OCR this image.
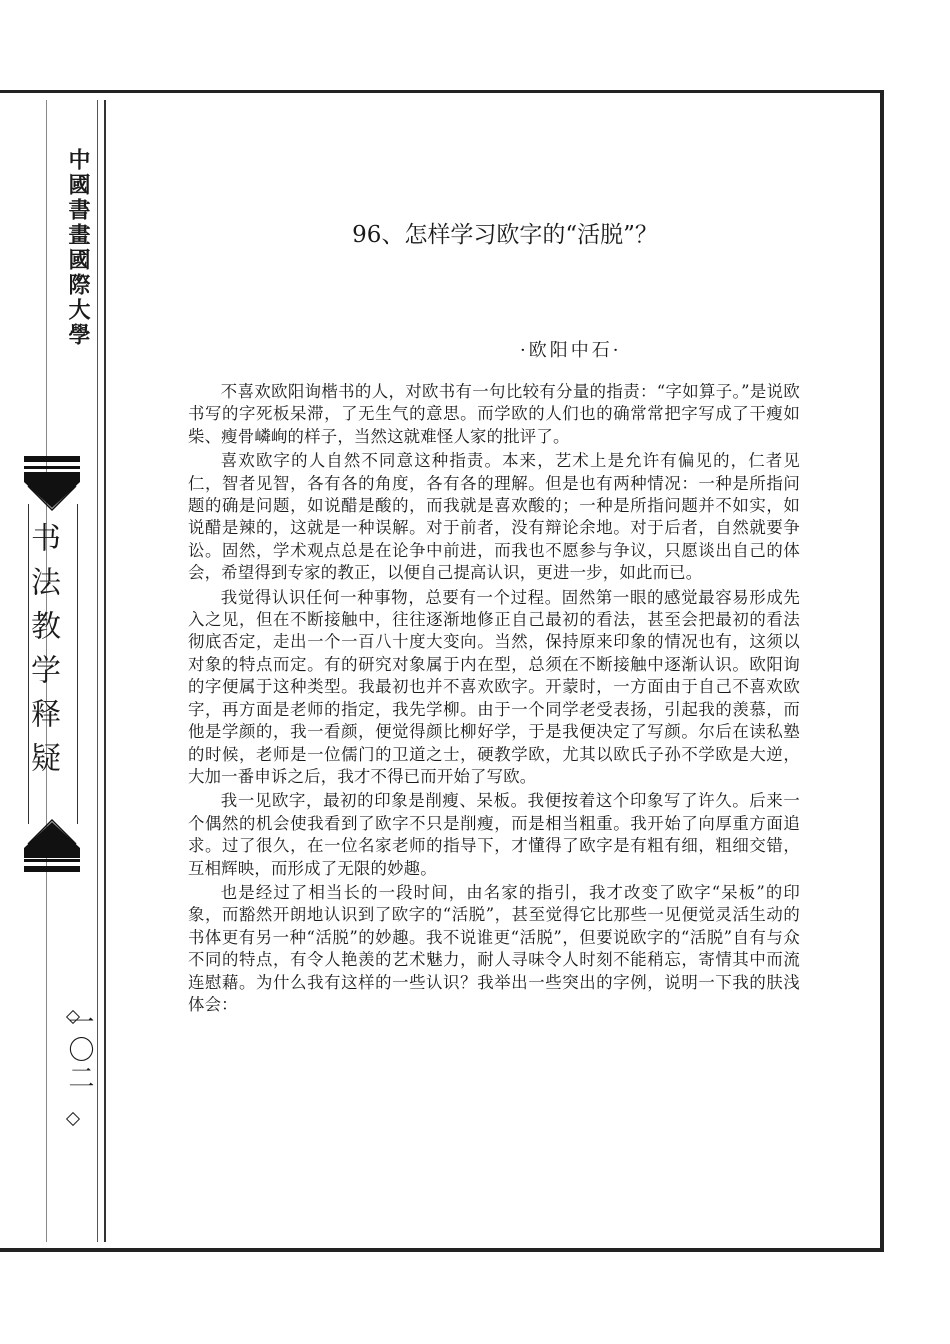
中國書畫國際大學
书法教学释疑
一〇二
96、怎样学习欧字的“活脱”？
·欧阳中石·

不喜欢欧阳询楷书的人，对欧书有一句比较有分量的指责：“字如算子。”是说欧书写的字死板呆滞，了无生气的意思。而学欧的人们也的确常常把字写成了干瘦如柴、瘦骨嶙峋的样子，当然这就难怪人家的批评了。

喜欢欧字的人自然不同意这种指责。本来，艺术上是允许有偏见的，仁者见仁，智者见智，各有各的角度，各有各的理解。但是也有两种情况：一种是所指问题的确是问题，如说醋是酸的，而我就是喜欢酸的；一种是所指问题并不如实，如说醋是辣的，这就是一种误解。对于前者，没有辩论余地。对于后者，自然就要争讼。固然，学术观点总是在论争中前进，而我也不愿参与争议，只愿谈出自己的体会，希望得到专家的教正，以便自己提高认识，更进一步，如此而已。

我觉得认识任何一种事物，总要有一个过程。固然第一眼的感觉最容易形成先入之见，但在不断接触中，往往逐渐地修正自己最初的看法，甚至会把最初的看法彻底否定，走出一个一百八十度大变向。当然，保持原来印象的情况也有，这须以对象的特点而定。有的研究对象属于内在型，总须在不断接触中逐渐认识。欧阳询的字便属于这种类型。我最初也并不喜欢欧字。开蒙时，一方面由于自己不喜欢欧字，再方面是老师的指定，我先学柳。由于一个同学老受表扬，引起我的羡慕，而他是学颜的，我一看颜，便觉得颜比柳好学，于是我便决定了写颜。尔后在读私塾的时候，老师是一位儒门的卫道之士，硬教学欧，尤其以欧氏子孙不学欧是大逆，大加一番申诉之后，我才不得已而开始了写欧。

我一见欧字，最初的印象是削瘦、呆板。我便按着这个印象写了许久。后来一个偶然的机会使我看到了欧字不只是削瘦，而是相当粗重。我开始了向厚重方面追求。过了很久，在一位名家老师的指导下，才懂得了欧字是有粗有细，粗细交错，互相辉映，而形成了无限的妙趣。

也是经过了相当长的一段时间，由名家的指引，我才改变了欧字“呆板”的印象，而豁然开朗地认识到了欧字的“活脱”，甚至觉得它比那些一见便觉灵活生动的书体更有另一种“活脱”的妙趣。我不说谁更“活脱”，但要说欧字的“活脱”自有与众不同的特点，有令人艳羡的艺术魅力，耐人寻味令人时刻不能稍忘，寄情其中而流连慰藉。为什么我有这样的一些认识？我举出一些突出的字例，说明一下我的肤浅体会：
